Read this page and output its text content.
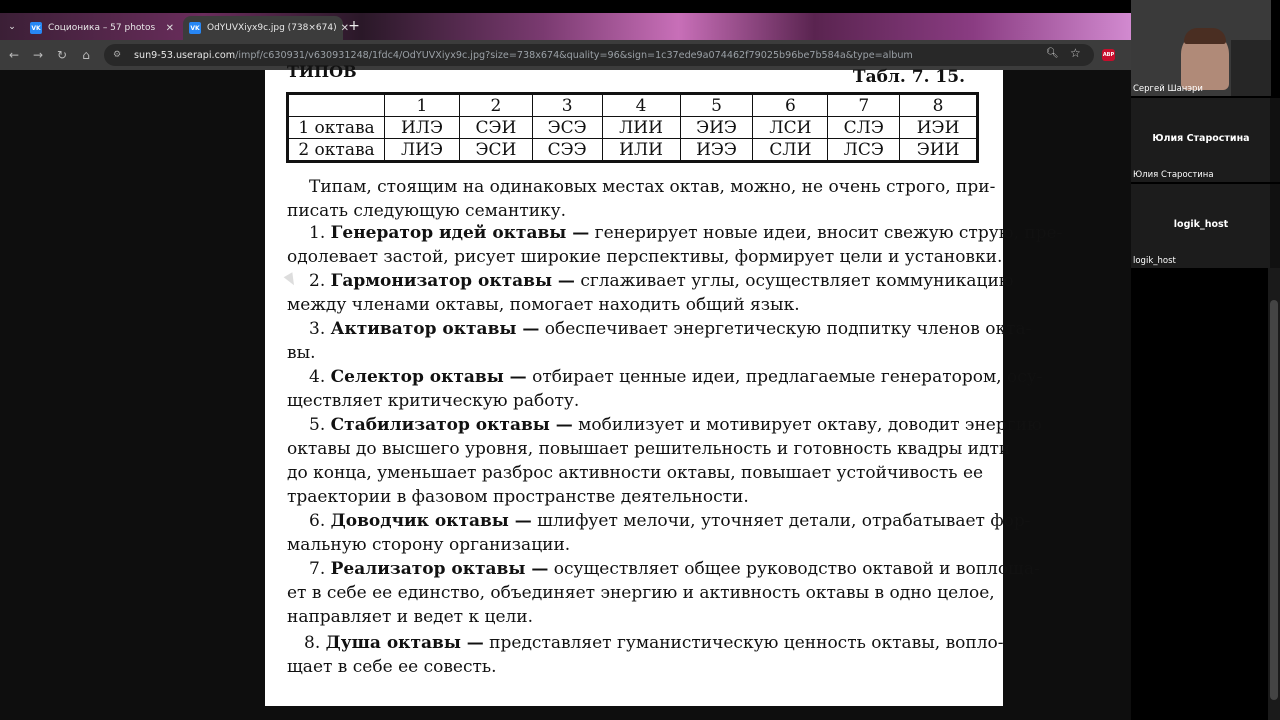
⌄	VK Соционика – 57 photos	✕	VK OdYUVXiyx9c.jpg (738×674) ✕ +
← → ↻	⌂	⚙	sun9-53.userapi.com/impf/c630931/v630931248/1fdc4/OdYUVXiyx9c.jpg?size=738x674&quality=96&sign=1c37ede9a074462f79025b96be7b584a&type=album	🔍︎ ☆	ABP
ТИПОВ	Табл. 7. 15.
	1	2	3	4	5	6	7	8
1 октава	ИЛЭ	СЭИ	ЭСЭ	ЛИИ	ЭИЭ	ЛСИ	СЛЭ	ИЭИ
2 октава	ЛИЭ	ЭСИ	СЭЭ	ИЛИ	ИЭЭ	СЛИ	ЛСЭ	ЭИИ
Типам, стоящим на одинаковых местах октав, можно, не очень строго, при-
писать следующую семантику.
1. Генератор идей октавы — генерирует новые идеи, вносит свежую струю, пре-
одолевает застой, рисует широкие перспективы, формирует цели и установки.
2. Гармонизатор октавы — сглаживает углы, осуществляет коммуникацию
между членами октавы, помогает находить общий язык.
3. Активатор октавы — обеспечивает энергетическую подпитку членов окта-
вы.
4. Селектор октавы — отбирает ценные идеи, предлагаемые генератором, осу-
ществляет критическую работу.
5. Стабилизатор октавы — мобилизует и мотивирует октаву, доводит энергию
октавы до высшего уровня, повышает решительность и готовность квадры идти
до конца, уменьшает разброс активности октавы, повышает устойчивость ее
траектории в фазовом пространстве деятельности.
6. Доводчик октавы — шлифует мелочи, уточняет детали, отрабатывает фор-
мальную сторону организации.
7. Реализатор октавы — осуществляет общее руководство октавой и воплоща-
ет в себе ее единство, объединяет энергию и активность октавы в одно целое,
направляет и ведет к цели.
8. Душа октавы — представляет гуманистическую ценность октавы, вопло-
щает в себе ее совесть.
Сергей Шанэри
Юлия Старостина
Юлия Старостина
logik_host
logik_host
